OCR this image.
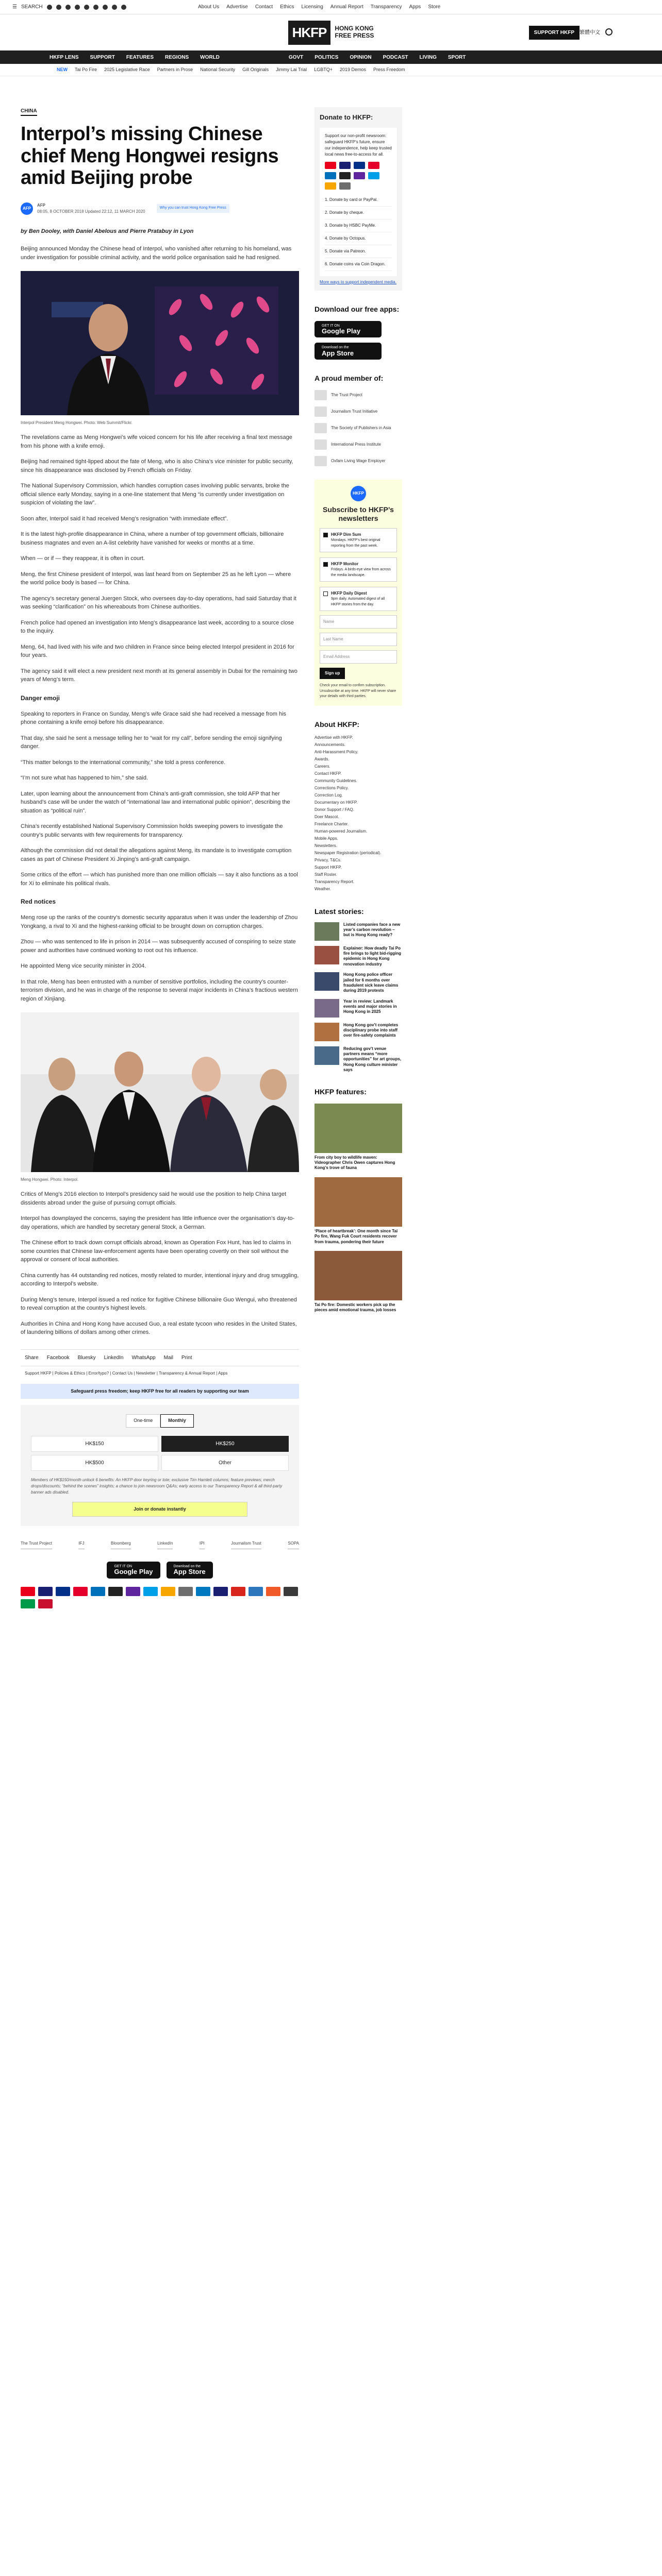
☰ SEARCH	About Us Advertise Contact Ethics Licensing Annual Report Transparency Apps Store
HKFP	HONG KONG
FREE PRESS	SUPPORT HKFP	繁體中文
HKFP LENS SUPPORT FEATURES REGIONS WORLD	GOVT POLITICS OPINION PODCAST LIVING SPORT
NEW Tai Po Fire 2025 Legislative Race Partners in Prose National Security Gill Originals Jimmy Lai Trial LGBTQ+ 2019 Demos Press Freedom
CHINA
Interpol’s missing Chinese chief Meng Hongwei resigns amid Beijing probe
AFP
AFP
08:05, 8 OCTOBER 2018 Updated 22:12, 11 MARCH 2020
Why you can trust Hong Kong Free Press
by Ben Dooley, with Daniel Abelous and Pierre Pratabuy in Lyon
Beijing announced Monday the Chinese head of Interpol, who vanished after returning to his homeland, was under investigation for possible criminal activity, and the world police organisation said he had resigned.
Interpol President Meng Hongwei. Photo: Web Summit/Flickr.

The revelations came as Meng Hongwei’s wife voiced concern for his life after receiving a final text message from his phone with a knife emoji.

Beijing had remained tight-lipped about the fate of Meng, who is also China’s vice minister for public security, since his disappearance was disclosed by French officials on Friday.

The National Supervisory Commission, which handles corruption cases involving public servants, broke the official silence early Monday, saying in a one-line statement that Meng “is currently under investigation on suspicion of violating the law”.

Soon after, Interpol said it had received Meng’s resignation “with immediate effect”.

It is the latest high-profile disappearance in China, where a number of top government officials, billionaire business magnates and even an A-list celebrity have vanished for weeks or months at a time.

When — or if — they reappear, it is often in court.

Meng, the first Chinese president of Interpol, was last heard from on September 25 as he left Lyon — where the world police body is based — for China.

The agency’s secretary general Juergen Stock, who oversees day-to-day operations, had said Saturday that it was seeking “clarification” on his whereabouts from Chinese authorities.

French police had opened an investigation into Meng’s disappearance last week, according to a source close to the inquiry.

Meng, 64, had lived with his wife and two children in France since being elected Interpol president in 2016 for four years.

The agency said it will elect a new president next month at its general assembly in Dubai for the remaining two years of Meng’s term.

Danger emoji

Speaking to reporters in France on Sunday, Meng’s wife Grace said she had received a message from his phone containing a knife emoji before his disappearance.

That day, she said he sent a message telling her to “wait for my call”, before sending the emoji signifying danger.

“This matter belongs to the international community,” she told a press conference.

“I’m not sure what has happened to him,” she said.

Later, upon learning about the announcement from China’s anti-graft commission, she told AFP that her husband’s case will be under the watch of “international law and international public opinion”, describing the situation as “political ruin”.

China’s recently established National Supervisory Commission holds sweeping powers to investigate the country’s public servants with few requirements for transparency.

Although the commission did not detail the allegations against Meng, its mandate is to investigate corruption cases as part of Chinese President Xi Jinping’s anti-graft campaign.

Some critics of the effort — which has punished more than one million officials — say it also functions as a tool for Xi to eliminate his political rivals.

Red notices

Meng rose up the ranks of the country’s domestic security apparatus when it was under the leadership of Zhou Yongkang, a rival to Xi and the highest-ranking official to be brought down on corruption charges.

Zhou — who was sentenced to life in prison in 2014 — was subsequently accused of conspiring to seize state power and authorities have continued working to root out his influence.

He appointed Meng vice security minister in 2004.

In that role, Meng has been entrusted with a number of sensitive portfolios, including the country’s counter-terrorism division, and he was in charge of the response to several major incidents in China’s fractious western region of Xinjiang.

Meng Hongwei. Photo: Interpol.

Critics of Meng’s 2016 election to Interpol’s presidency said he would use the position to help China target dissidents abroad under the guise of pursuing corrupt officials.

Interpol has downplayed the concerns, saying the president has little influence over the organisation’s day-to-day operations, which are handled by secretary general Stock, a German.

The Chinese effort to track down corrupt officials abroad, known as Operation Fox Hunt, has led to claims in some countries that Chinese law-enforcement agents have been operating covertly on their soil without the approval or consent of local authorities.

China currently has 44 outstanding red notices, mostly related to murder, intentional injury and drug smuggling, according to Interpol’s website.

During Meng’s tenure, Interpol issued a red notice for fugitive Chinese billionaire Guo Wengui, who threatened to reveal corruption at the country’s highest levels.

Authorities in China and Hong Kong have accused Guo, a real estate tycoon who resides in the United States, of laundering billions of dollars among other crimes.

Share Facebook Bluesky LinkedIn WhatsApp Mail Print
Support HKFP | Policies & Ethics | Error/typo? | Contact Us | Newsletter | Transparency & Annual Report | Apps
Safeguard press freedom; keep HKFP free for all readers by supporting our team
One-time	Monthly
HK$150	HK$250
HK$500	Other
Members of HK$150/month unlock 6 benefits: An HKFP door keyring or tote; exclusive Tim Hamlett columns; feature previews; merch drops/discounts; “behind the scenes” insights; a chance to join newsroom Q&As; early access to our Transparency Report & all third-party banner ads disabled.
Join or donate instantly
The Trust Project	IFJ	Bloomberg	LinkedIn	IPI	Journalism Trust	SOPA
GET IT ON
Google Play
Download on the
App Store
Donate to HKFP:

Support our non-profit newsroom: safeguard HKFP’s future, ensure our independence, help keep trusted local news free-to-access for all.

1. Donate by card or PayPal.
2. Donate by cheque.
3. Donate by HSBC PayMe.
4. Donate by Octopus.
5. Donate via Patreon.
6. Donate coins via Coin Dragon.
More ways to support independent media.
Download our free apps:
GET IT ON
Google Play
Download on the
App Store
A proud member of:
The Trust Project
Journalism Trust Initiative
The Society of Publishers in Asia
International Press Institute
Oxfam Living Wage Employer
HKFP
Subscribe to HKFP’s newsletters
HKFP Dim Sum
Mondays. HKFP’s best original reporting from the past week.
HKFP Monitor
Fridays. A birds-eye view from across the media landscape.
HKFP Daily Digest
9pm daily. Automated digest of all HKFP stories from the day.
Name
Last Name
Email Address
Sign up
Check your email to confirm subscription. Unsubscribe at any time. HKFP will never share your details with third parties.
About HKFP:
Advertise with HKFP.
Announcements.
Anti-Harassment Policy.
Awards.
Careers.
Contact HKFP.
Community Guidelines.
Corrections Policy.
Correction Log.
Documentary on HKFP.
Donor Support / FAQ.
Doer Mascot.
Freelance Charter.
Human-powered Journalism.
Mobile Apps.
Newsletters.
Newspaper Registration (periodical).
Privacy, T&Cs.
Support HKFP.
Staff Roster.
Transparency Report.
Weather.
Latest stories:
Listed companies face a new year’s carbon revolution – but is Hong Kong ready?
Explainer: How deadly Tai Po fire brings to light bid-rigging epidemic in Hong Kong renovation industry
Hong Kong police officer jailed for 6 months over fraudulent sick leave claims during 2019 protests
Year in review: Landmark events and major stories in Hong Kong in 2025
Hong Kong gov’t completes disciplinary probe into staff over fire-safety complaints
Reducing gov’t venue partners means “more opportunities” for art groups, Hong Kong culture minister says
HKFP features:
From city boy to wildlife maven: Videographer Chris Owen captures Hong Kong’s trove of fauna
‘Place of heartbreak’: One month since Tai Po fire, Wang Fuk Court residents recover from trauma, pondering their future
Tai Po fire: Domestic workers pick up the pieces amid emotional trauma, job losses
